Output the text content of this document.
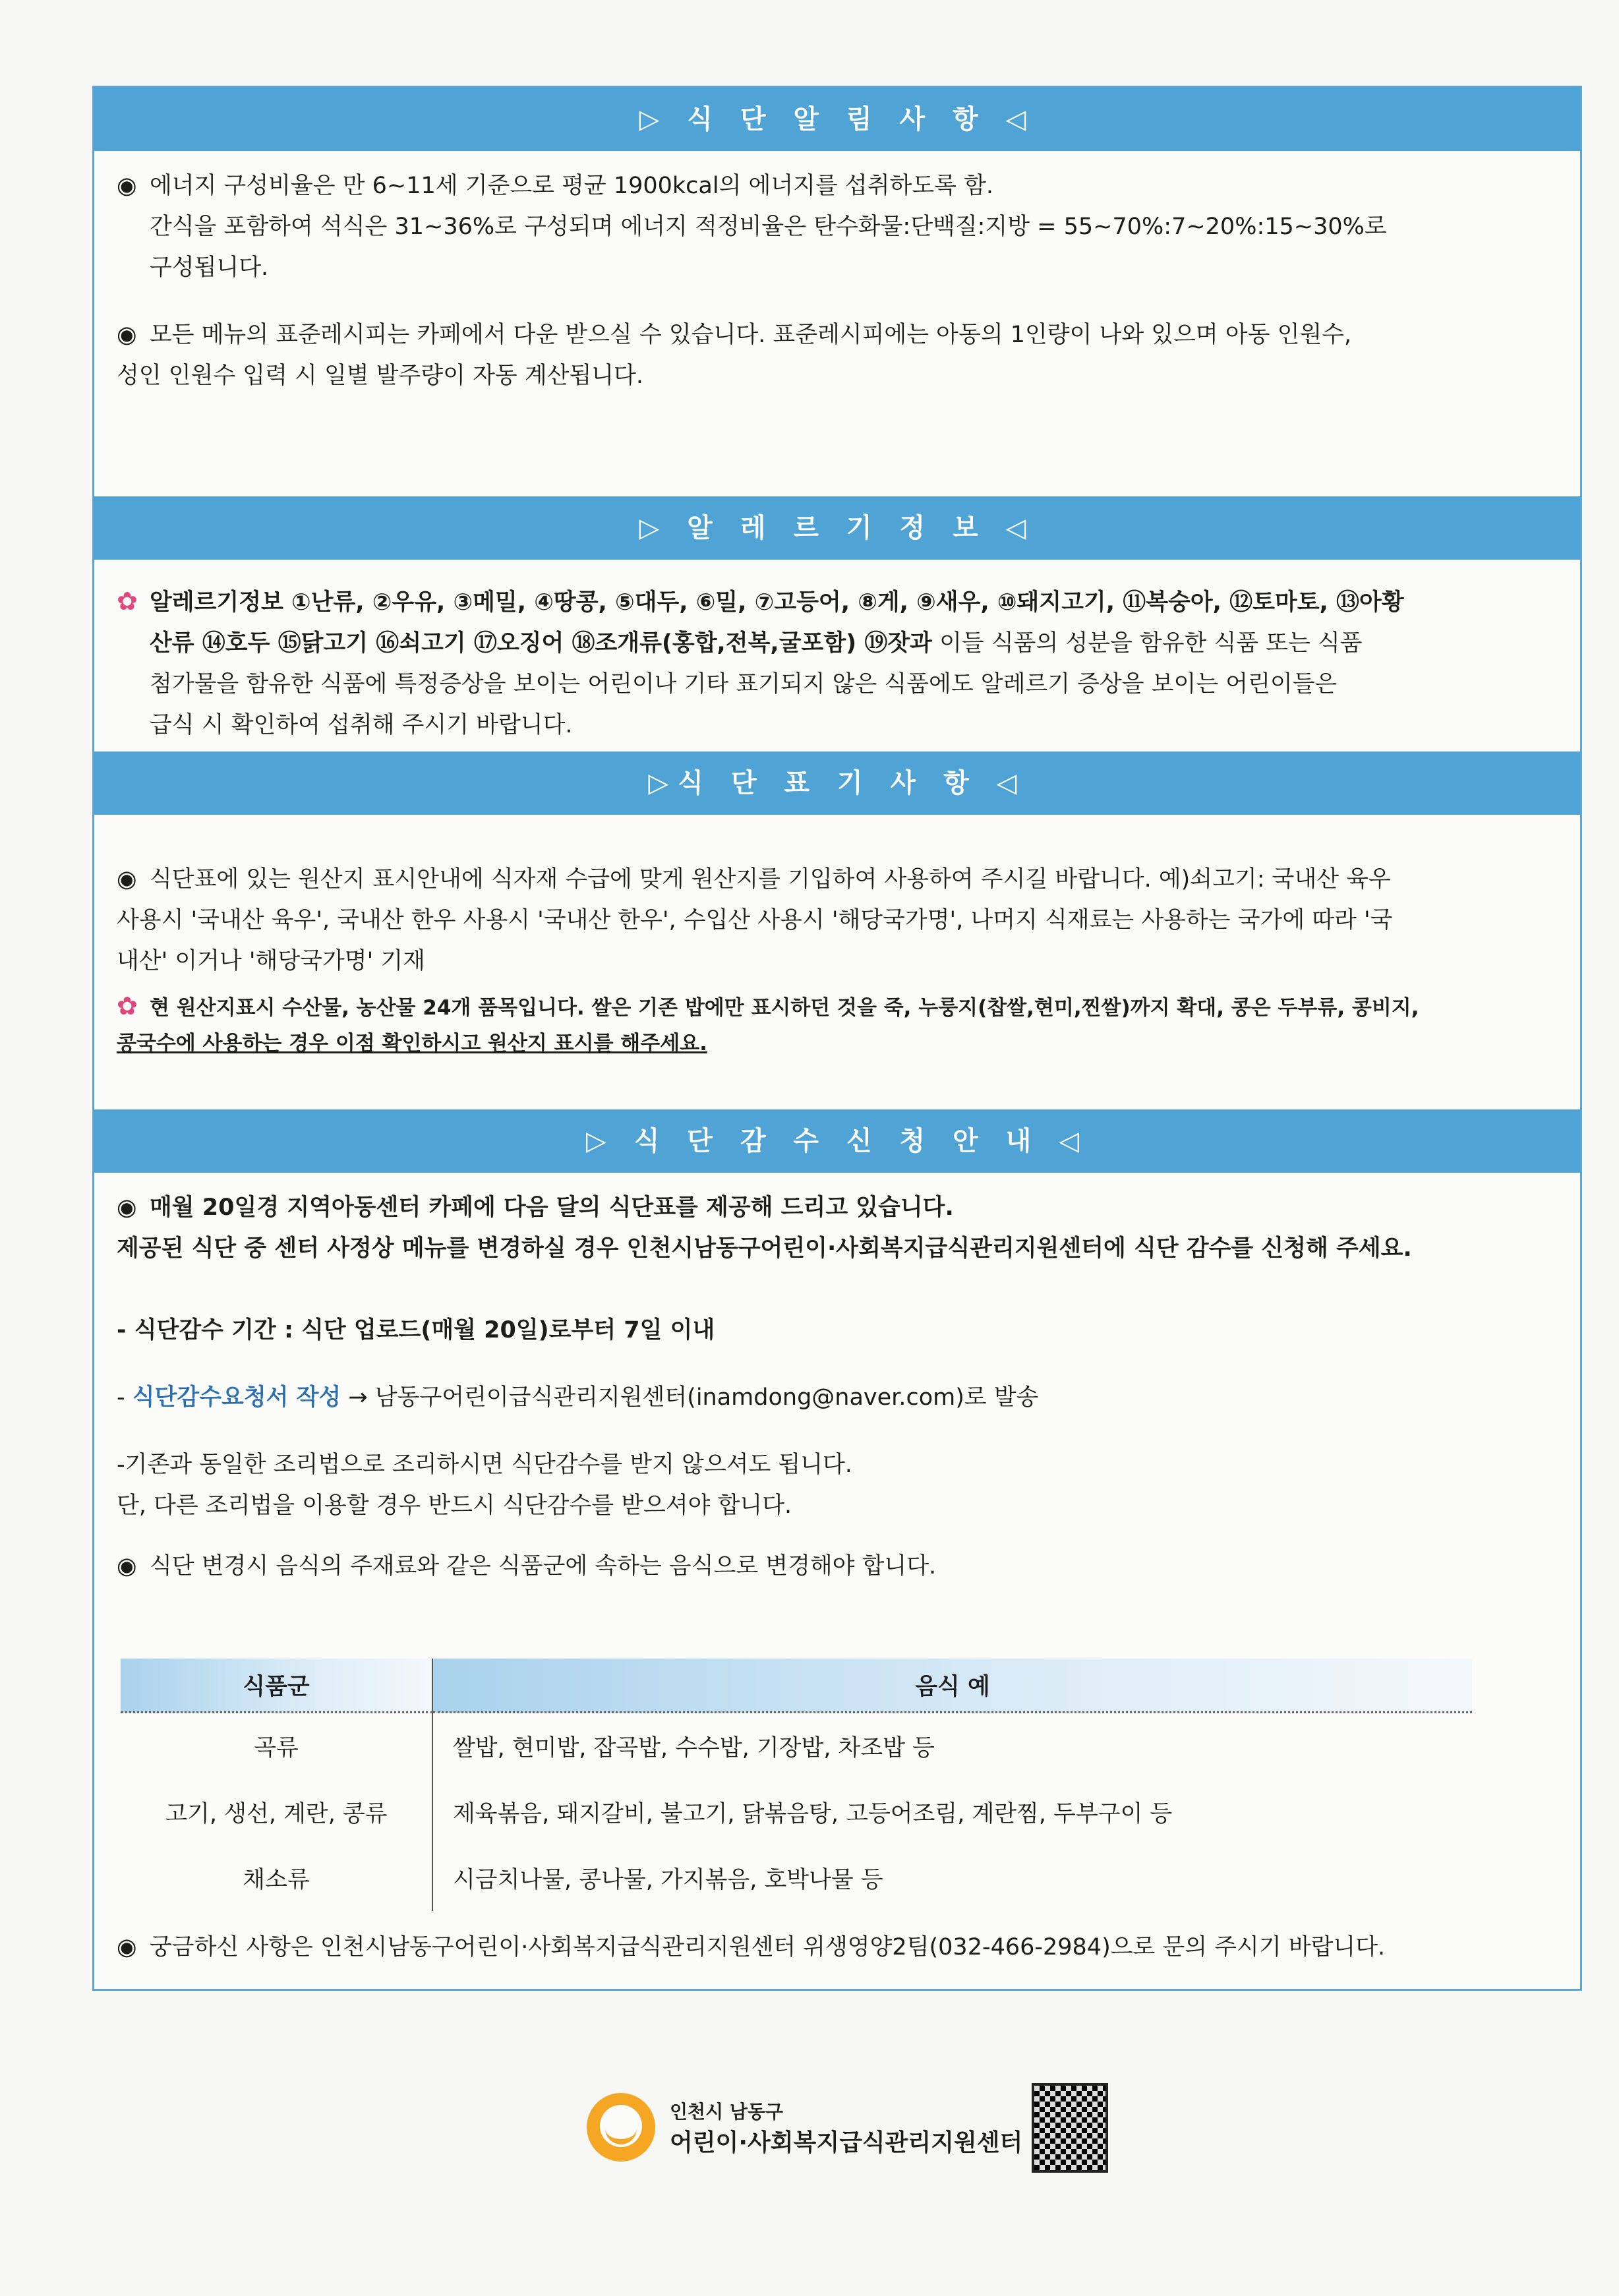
▷ 식 단 알 림 사 항 ◁
◉ 에너지 구성비율은 만 6~11세 기준으로 평균 1900kcal의 에너지를 섭취하도록 함.
간식을 포함하여 석식은 31~36%로 구성되며 에너지 적정비율은 탄수화물:단백질:지방 = 55~70%:7~20%:15~30%로
구성됩니다.
◉ 모든 메뉴의 표준레시피는 카페에서 다운 받으실 수 있습니다. 표준레시피에는 아동의 1인량이 나와 있으며 아동 인원수,
성인 인원수 입력 시 일별 발주량이 자동 계산됩니다.
▷ 알 레 르 기 정 보 ◁
✿ 알레르기정보 ①난류, ②우유, ③메밀, ④땅콩, ⑤대두, ⑥밀, ⑦고등어, ⑧게, ⑨새우, ⑩돼지고기, ⑪복숭아, ⑫토마토, ⑬아황
산류 ⑭호두 ⑮닭고기 ⑯쇠고기 ⑰오징어 ⑱조개류(홍합,전복,굴포함) ⑲잣과 이들 식품의 성분을 함유한 식품 또는 식품
첨가물을 함유한 식품에 특정증상을 보이는 어린이나 기타 표기되지 않은 식품에도 알레르기 증상을 보이는 어린이들은
급식 시 확인하여 섭취해 주시기 바랍니다.
▷식 단 표 기 사 항 ◁
◉ 식단표에 있는 원산지 표시안내에 식자재 수급에 맞게 원산지를 기입하여 사용하여 주시길 바랍니다. 예)쇠고기: 국내산 육우
사용시 '국내산 육우', 국내산 한우 사용시 '국내산 한우', 수입산 사용시 '해당국가명', 나머지 식재료는 사용하는 국가에 따라 '국
내산' 이거나 '해당국가명' 기재
✿ 현 원산지표시 수산물, 농산물 24개 품목입니다. 쌀은 기존 밥에만 표시하던 것을 죽, 누룽지(찹쌀,현미,찐쌀)까지 확대, 콩은 두부류, 콩비지,
콩국수에 사용하는 경우 이점 확인하시고 원산지 표시를 해주세요.
▷ 식 단 감 수 신 청 안 내 ◁
◉ 매월 20일경 지역아동센터 카페에 다음 달의 식단표를 제공해 드리고 있습니다.
제공된 식단 중 센터 사정상 메뉴를 변경하실 경우 인천시남동구어린이·사회복지급식관리지원센터에 식단 감수를 신청해 주세요.
- 식단감수 기간 : 식단 업로드(매월 20일)로부터 7일 이내
- 식단감수요청서 작성 → 남동구어린이급식관리지원센터(inamdong@naver.com)로 발송
-기존과 동일한 조리법으로 조리하시면 식단감수를 받지 않으셔도 됩니다.
단, 다른 조리법을 이용할 경우 반드시 식단감수를 받으셔야 합니다.
◉ 식단 변경시 음식의 주재료와 같은 식품군에 속하는 음식으로 변경해야 합니다.
식품군	음식 예
곡류	쌀밥, 현미밥, 잡곡밥, 수수밥, 기장밥, 차조밥 등
고기, 생선, 계란, 콩류	제육볶음, 돼지갈비, 불고기, 닭볶음탕, 고등어조림, 계란찜, 두부구이 등
채소류	시금치나물, 콩나물, 가지볶음, 호박나물 등
◉ 궁금하신 사항은 인천시남동구어린이·사회복지급식관리지원센터 위생영양2팀(032-466-2984)으로 문의 주시기 바랍니다.
인천시 남동구
어린이·사회복지급식관리지원센터
